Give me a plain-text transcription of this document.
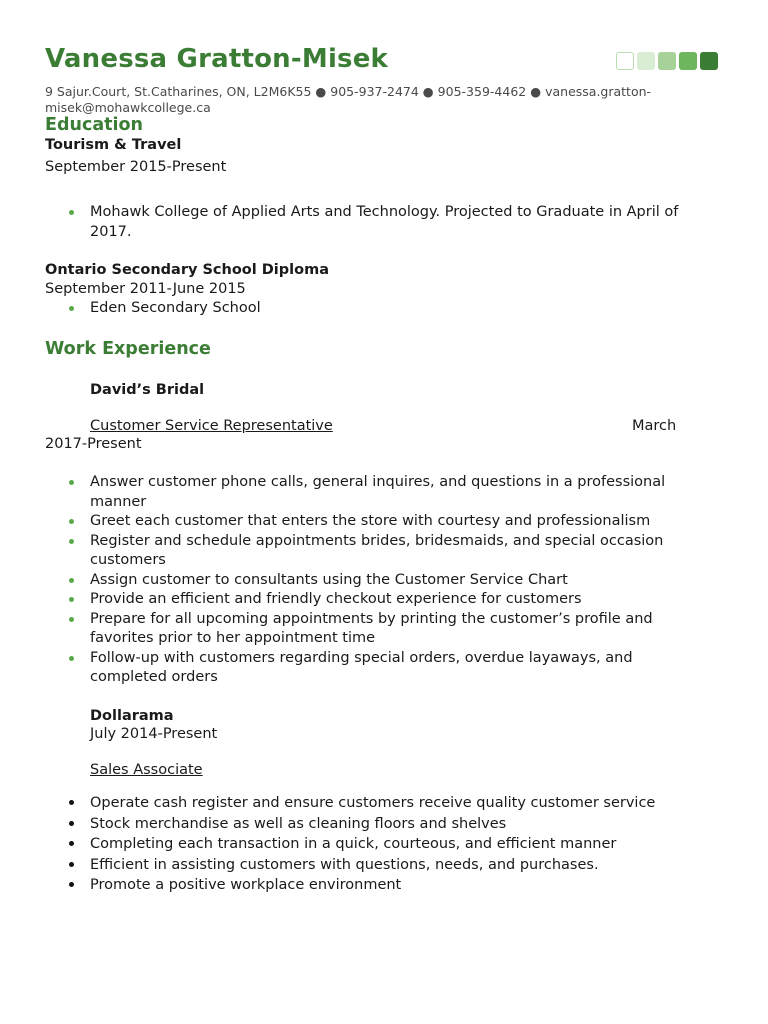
Vanessa Gratton-Misek
9 Sajur.Court, St.Catharines, ON, L2M6K55 ● 905-937-2474 ● 905-359-4462 ● vanessa.gratton-misek@mohawkcollege.ca
Education
Tourism & Travel
September 2015-Present
Mohawk College of Applied Arts and Technology. Projected to Graduate in April of 2017.
Ontario Secondary School Diploma
September 2011-June 2015
Eden Secondary School
Work Experience
David’s Bridal
Customer Service Representative	March
2017-Present
Answer customer phone calls, general inquires, and questions in a professional manner
Greet each customer that enters the store with courtesy and professionalism
Register and schedule appointments brides, bridesmaids, and special occasion customers
Assign customer to consultants using the Customer Service Chart
Provide an efficient and friendly checkout experience for customers
Prepare for all upcoming appointments by printing the customer’s profile and favorites prior to her appointment time
Follow-up with customers regarding special orders, overdue layaways, and completed orders
Dollarama
July 2014-Present
Sales Associate
Operate cash register and ensure customers receive quality customer service
Stock merchandise as well as cleaning floors and shelves
Completing each transaction in a quick, courteous, and efficient manner
Efficient in assisting customers with questions, needs, and purchases.
Promote a positive workplace environment
